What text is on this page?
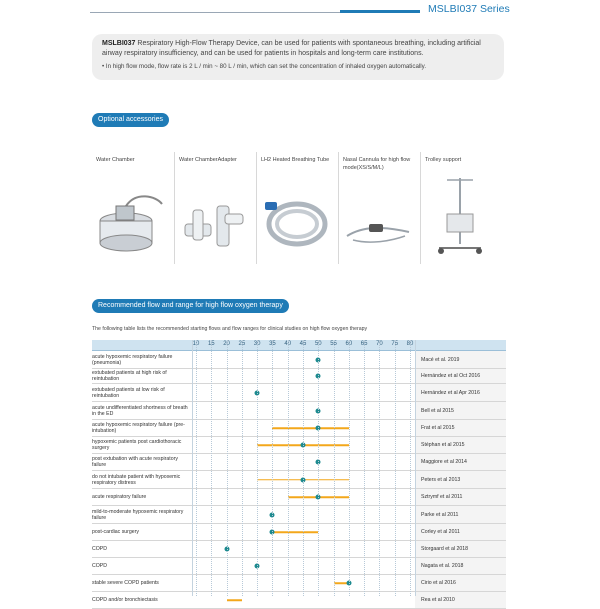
MSLBI037 Series
MSLBI037 Respiratory High-Flow Therapy Device, can be used for patients with spontaneous breathing, including artificial airway respiratory insufficiency, and can be used for patients in hospitals and long-term care institutions.
• In high flow mode, flow rate is 2 L / min ~ 80 L / min, which can set the concentration of inhaled oxygen automatically.
Optional accessories
Water Chamber	Water ChamberAdapter	LH2 Heated Breathing Tube	Nasal Cannula for high flow mode(XS/S/M/L)
Trolley support
Recommended flow and range for high flow oxygen therapy
The following table lists the recommended starting flows and flow ranges for clinical studies on high flow oxygen therapy
10 15 20 25 30 35 40 45 50 55 60 65 70 75 80
acute hypoxemic respiratory failure (pneumonia)	Macé et al. 2019
extubated patients at high risk of reintubation	Hernández et al Oct 2016
extubated patients at low risk of reintubation	Hernández et al Apr 2016
acute undifferentiated shortness of breath in the ED	Bell et al 2015
acute hypoxemic respiratory failure (pre-intubation)	Frat et al 2015
hypoxemic patients post cardiothoracic surgery	Stéphan et al 2015
post extubation with acute respiratory failure	Maggiore et al 2014
do not intubate patient with hypoxemic respiratory distress	Peters et al 2013
acute respiratory failure	Sztrymf et al 2011
mild-to-moderate hypoxemic respiratory failure	Parke et al 2011
post-cardiac surgery	Corley et al 2011
COPD	Storgaard et al 2018
COPD	Nagata et al. 2018
stable severe COPD patients	Cirio et al 2016
COPD and/or bronchiectasis	Rea et al 2010
